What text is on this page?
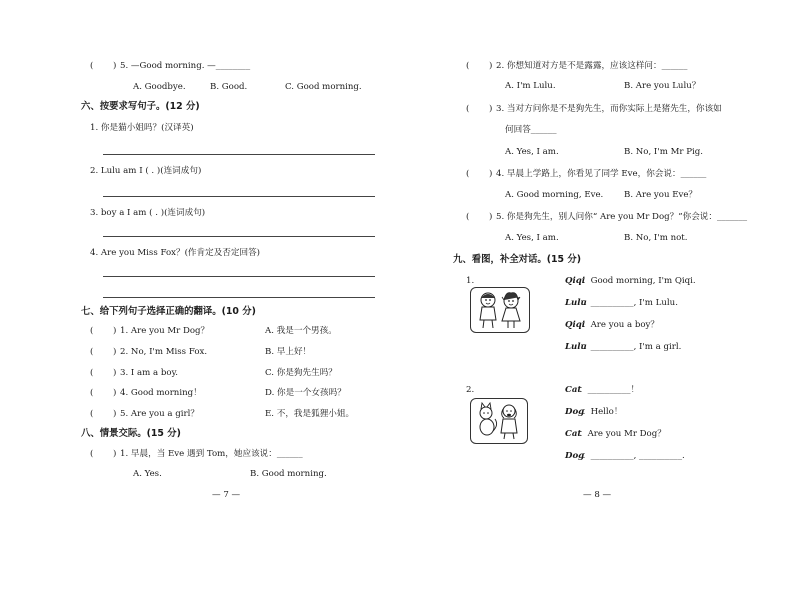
( ) 5. —Good morning. —________
A. Goodbye.	B. Good.	C. Good morning.
六、按要求写句子。(12 分)
1. 你是猫小姐吗？(汉译英)
2. Lulu am I ( . )(连词成句)
3. boy a I am ( . )(连词成句)
4. Are you Miss Fox？(作肯定及否定回答)
七、给下列句子选择正确的翻译。(10 分)
( ) 1. Are you Mr Dog？	A. 我是一个男孩。
( ) 2. No, I'm Miss Fox.	B. 早上好！
( ) 3. I am a boy.	C. 你是狗先生吗？
( ) 4. Good morning！	D. 你是一个女孩吗？
( ) 5. Are you a girl？	E. 不，我是狐狸小姐。
八、情景交际。(15 分)
( ) 1. 早晨，当 Eve 遇到 Tom，她应该说：______
A. Yes.	B. Good morning.
— 7 —
( ) 2. 你想知道对方是不是露露，应该这样问：______
A. I'm Lulu.	B. Are you Lulu？
( ) 3. 当对方问你是不是狗先生，而你实际上是猪先生，你该如
何回答______
A. Yes, I am.	B. No, I'm Mr Pig.
( ) 4. 早晨上学路上，你看见了同学 Eve，你会说：______
A. Good morning, Eve. B. Are you Eve？
( ) 5. 你是狗先生，别人问你“ Are you Mr Dog？”你会说：_______
A. Yes, I am.	B. No, I'm not.
九、看图，补全对话。(15 分)
1.	Qiqi
：Good morning, I'm Qiqi.
Lulu
：__________, I'm Lulu.
Qiqi
：Are you a boy？
Lulu
：__________, I'm a girl.
2.	Cat
：__________！
Dog
：Hello！
Cat
：Are you Mr Dog？
Dog
：__________, __________.
— 8 —
